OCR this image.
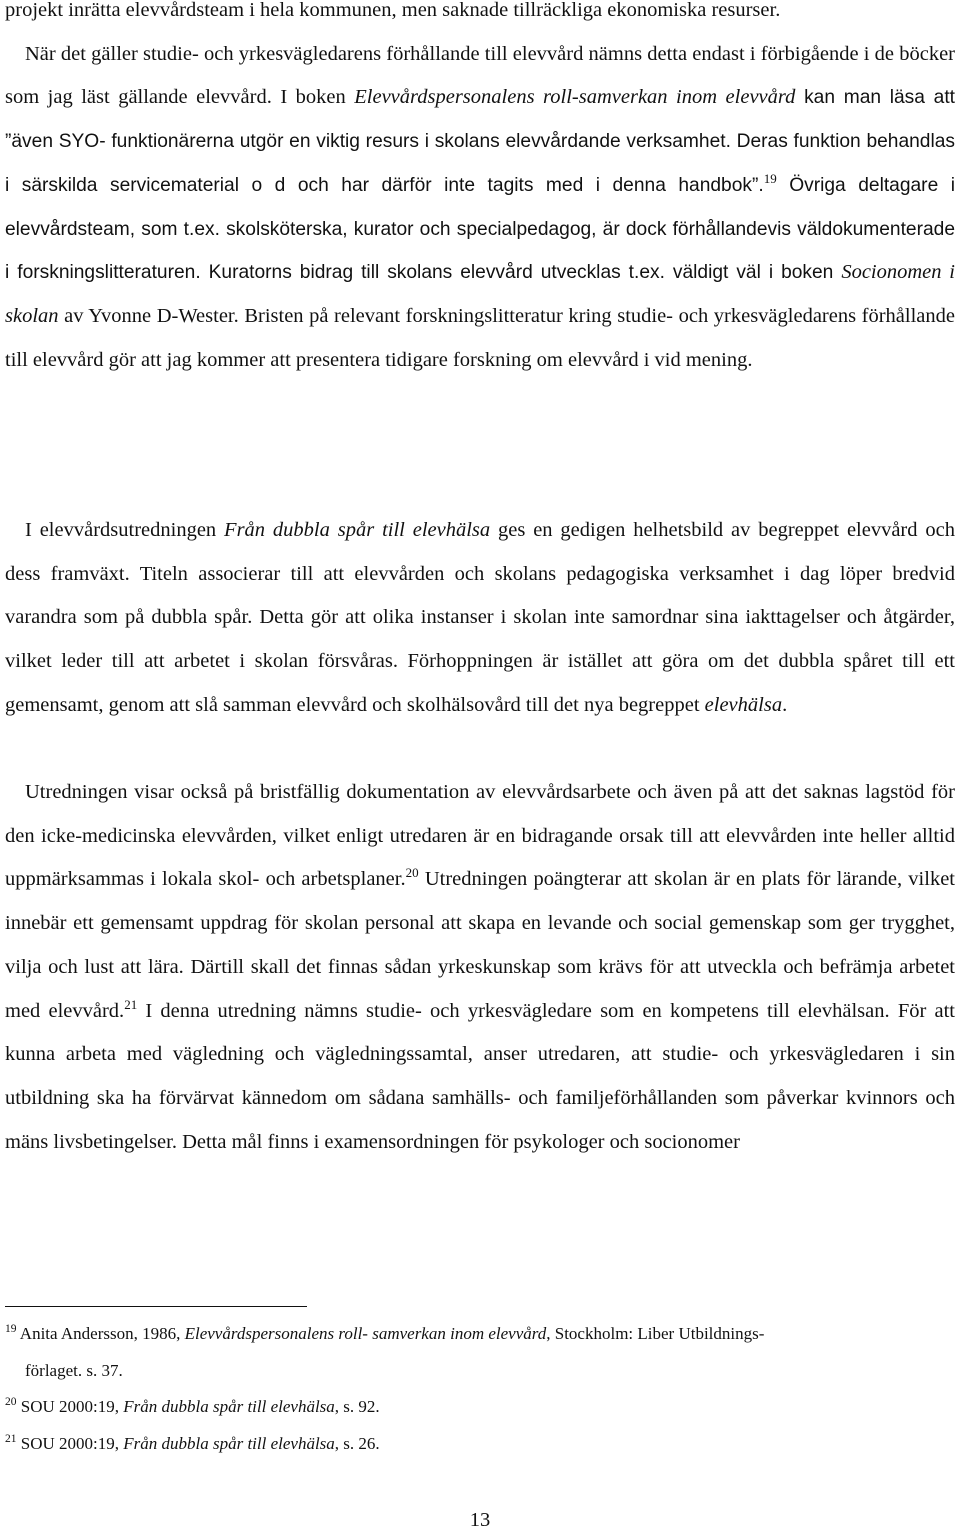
projekt inrätta elevvårdsteam i hela kommunen, men saknade tillräckliga ekonomiska resurser.
När det gäller studie- och yrkesvägledarens förhållande till elevvård nämns detta endast i förbigående i de böcker som jag läst gällande elevvård. I boken Elevvårdspersonalens roll-samverkan inom elevvård kan man läsa att ”även SYO- funktionärerna utgör en viktig resurs i skolans elevvårdande verksamhet. Deras funktion behandlas i särskilda servicematerial o d och har därför inte tagits med i denna handbok”.$^{19}$ Övriga deltagare i elevvårdsteam, som t.ex. skolsköterska, kurator och specialpedagog, är dock förhållandevis väldokumenterade i forskningslitteraturen. Kuratorns bidrag till skolans elevvård utvecklas t.ex. väldigt väl i boken Socionomen i skolan av Yvonne D-Wester. Bristen på relevant forskningslitteratur kring studie- och yrkesvägledarens förhållande till elevvård gör att jag kommer att presentera tidigare forskning om elevvård i vid mening.

I elevvårdsutredningen Från dubbla spår till elevhälsa ges en gedigen helhetsbild av begreppet elevvård och dess framväxt. Titeln associerar till att elevvården och skolans pedagogiska verksamhet i dag löper bredvid varandra som på dubbla spår. Detta gör att olika instanser i skolan inte samordnar sina iakttagelser och åtgärder, vilket leder till att arbetet i skolan försvåras. Förhoppningen är istället att göra om det dubbla spåret till ett gemensamt, genom att slå samman elevvård och skolhälsovård till det nya begreppet elevhälsa.

Utredningen visar också på bristfällig dokumentation av elevvårdsarbete och även på att det saknas lagstöd för den icke-medicinska elevvården, vilket enligt utredaren är en bidragande orsak till att elevvården inte heller alltid uppmärksammas i lokala skol- och arbetsplaner.$^{20}$ Utredningen poängterar att skolan är en plats för lärande, vilket innebär ett gemensamt uppdrag för skolan personal att skapa en levande och social gemenskap som ger trygghet, vilja och lust att lära. Därtill skall det finnas sådan yrkeskunskap som krävs för att utveckla och befrämja arbetet med elevvård.$^{21}$ I denna utredning nämns studie- och yrkesvägledare som en kompetens till elevhälsan. För att kunna arbeta med vägledning och vägledningssamtal, anser utredaren, att studie- och yrkesvägledaren i sin utbildning ska ha förvärvat kännedom om sådana samhälls- och familjeförhållanden som påverkar kvinnors och mäns livsbetingelser. Detta mål finns i examensordningen för psykologer och socionomer

$^{19}$ Anita Andersson, 1986, Elevvårdspersonalens roll- samverkan inom elevvård, Stockholm: Liber Utbildnings-

förlaget. s. 37.

$^{20}$ SOU 2000:19, Från dubbla spår till elevhälsa, s. 92.

$^{21}$ SOU 2000:19, Från dubbla spår till elevhälsa, s. 26.

13
